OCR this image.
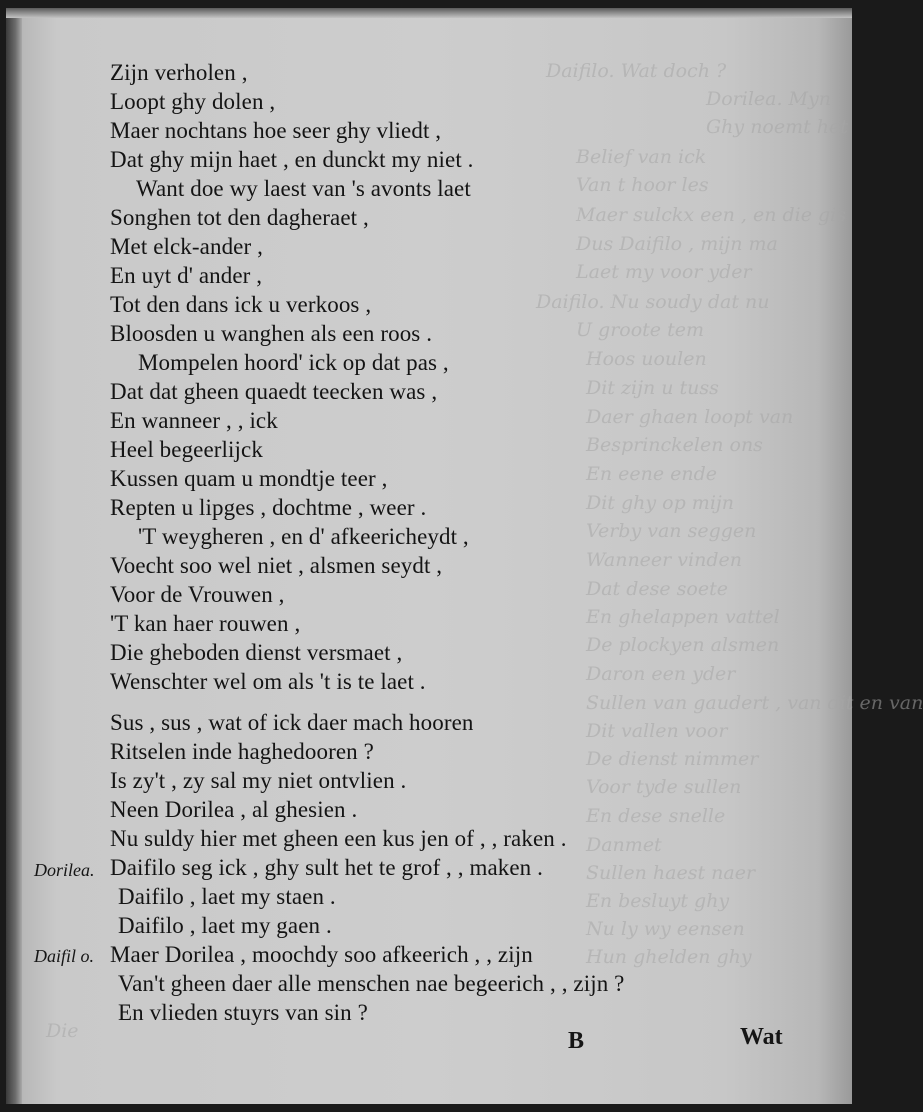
Daifilo. Wat doch ?
Dorilea. Myn
Ghy noemt het
Belief van ick
Van t hoor les
Maer sulckx een , en die gis
Dus Daifilo , mijn ma
Laet my voor yder
Daifilo. Nu soudy dat nu
U groote tem
Hoos uoulen
Dit zijn u tuss
Daer ghaen loopt van
Besprinckelen ons
En eene ende
Dit ghy op mijn
Verby van seggen
Wanneer vinden
Dat dese soete
En ghelappen vattel
De plockyen alsmen
Daron een yder
Sullen van gaudert , van dit en van
Dit vallen voor
De dienst nimmer
Voor tyde sullen
En dese snelle
Danmet
Sullen haest naer
En besluyt ghy
Nu ly wy eensen
Hun ghelden ghy
Die
Zijn verholen ,
Loopt ghy dolen ,
Maer nochtans hoe seer ghy vliedt ,
Dat ghy mijn haet , en dunckt my niet .
Want doe wy laest van 's avonts laet
Songhen tot den dagheraet ,
Met elck-ander ,
En uyt d' ander ,
Tot den dans ick u verkoos ,
Bloosden u wanghen als een roos .
Mompelen hoord' ick op dat pas ,
Dat dat gheen quaedt teecken was ,
En wanneer , , ick
Heel begeerlijck
Kussen quam u mondtje teer ,
Repten u lipges , dochtme , weer .
'T weygheren , en d' afkeericheydt ,
Voecht soo wel niet , alsmen seydt ,
Voor de Vrouwen ,
'T kan haer rouwen ,
Die gheboden dienst versmaet ,
Wenschter wel om als 't is te laet .
Sus , sus , wat of ick daer mach hooren
Ritselen inde haghedooren ?
Is zy't , zy sal my niet ontvlien .
Neen Dorilea , al ghesien .
Nu suldy hier met gheen een kus jen of , , raken .
Daifilo seg ick , ghy sult het te grof , , maken .
Daifilo , laet my staen .
Daifilo , laet my gaen .
Maer Dorilea , moochdy soo afkeerich , , zijn
Van't gheen daer alle menschen nae begeerich , , zijn ?
En vlieden stuyrs van sin ?
Dorilea.
Daifil o.
B	Wat
